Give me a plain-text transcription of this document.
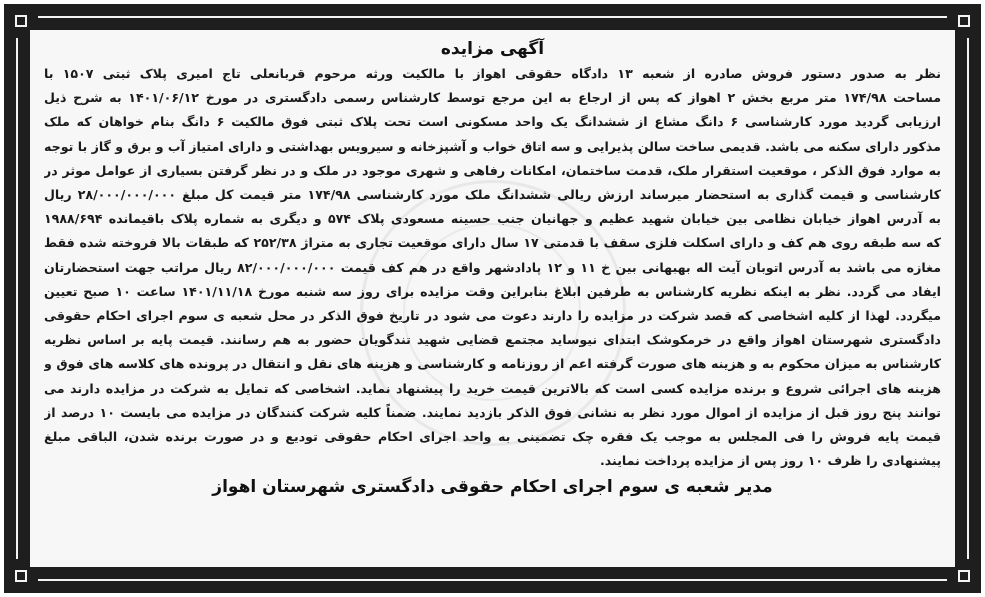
آگهی مزایده

نظر به صدور دستور فروش صادره از شعبه ۱۳ دادگاه حقوقی اهواز با مالکیت ورثه مرحوم قربانعلی تاج امیری پلاک ثبتی ۱۵۰۷ با
مساحت ۱۷۴/۹۸ متر مربع بخش ۲ اهواز که پس از ارجاع به این مرجع توسط کارشناس رسمی دادگستری در مورخ ۱۴۰۱/۰۶/۱۲ به شرح ذیل
ارزیابی گردید مورد کارشناسی ۶ دانگ مشاع از ششدانگ یک واحد مسکونی است تحت پلاک ثبتی فوق مالکیت ۶ دانگ بنام خواهان که ملک
مذکور دارای سکنه می باشد. قدیمی ساخت سالن پذیرایی و سه اتاق خواب و آشپزخانه و سیرویس بهداشتی و دارای امتیاز آب و برق و گاز با توجه
به موارد فوق الذکر ، موقعیت استقرار ملک، قدمت ساختمان، امکانات رفاهی و شهری موجود در ملک و در نظر گرفتن بسیاری از عوامل موثر در
کارشناسی و قیمت گذاری به استحضار میرساند ارزش ریالی ششدانگ ملک مورد کارشناسی ۱۷۴/۹۸ متر قیمت کل مبلغ ۲۸/۰۰۰/۰۰۰/۰۰۰ ریال
به آدرس اهواز خیابان نظامی بین خیابان شهید عظیم و جهانیان جنب حسینه مسعودی پلاک ۵۷۴ و دیگری به شماره پلاک باقیمانده ۱۹۸۸/۶۹۴
که سه طبقه روی هم کف و دارای اسکلت فلزی سقف با قدمتی ۱۷ سال دارای موقعیت تجاری به متراژ ۲۵۲/۳۸ که طبقات بالا فروخته شده فقط
مغازه می باشد به آدرس اتوبان آیت اله بهبهانی بین خ ۱۱ و ۱۲ پادادشهر واقع در هم کف قیمت ۸۲/۰۰۰/۰۰۰/۰۰۰ ریال مراتب جهت استحضارتان
ایفاد می گردد. نظر به اینکه نظریه کارشناس به طرفین ابلاغ بنابراین وقت مزایده برای روز سه شنبه مورخ ۱۴۰۱/۱۱/۱۸ ساعت ۱۰ صبح تعیین
میگردد. لهذا از کلیه اشخاصی که قصد شرکت در مزایده را دارند دعوت می شود در تاریخ فوق الذکر در محل شعبه ی سوم اجرای احکام حقوقی
دادگستری شهرستان اهواز واقع در خرمکوشک ابتدای نیوساید مجتمع قضایی شهید تندگویان حضور به هم رسانند. قیمت پایه بر اساس نظریه
کارشناس به میزان محکوم به و هزینه های صورت گرفته اعم از روزنامه و کارشناسی و هزینه های نقل و انتقال در پرونده های کلاسه های فوق و
هزینه های اجرائی شروع و برنده مزایده کسی است که بالاترین قیمت خرید را پیشنهاد نماید. اشخاصی که تمایل به شرکت در مزایده دارند می
توانند پنج روز قبل از مزایده از اموال مورد نظر به نشانی فوق الذکر بازدید نمایند. ضمناً کلیه شرکت کنندگان در مزایده می بایست ۱۰ درصد از
قیمت پایه فروش را فی المجلس به موجب یک فقره چک تضمینی به واحد اجرای احکام حقوقی تودیع و در صورت برنده شدن، الباقی مبلغ
پیشنهادی را ظرف ۱۰ روز پس از مزایده پرداخت نمایند.

مدیر شعبه ی سوم اجرای احکام حقوقی دادگستری شهرستان اهواز
